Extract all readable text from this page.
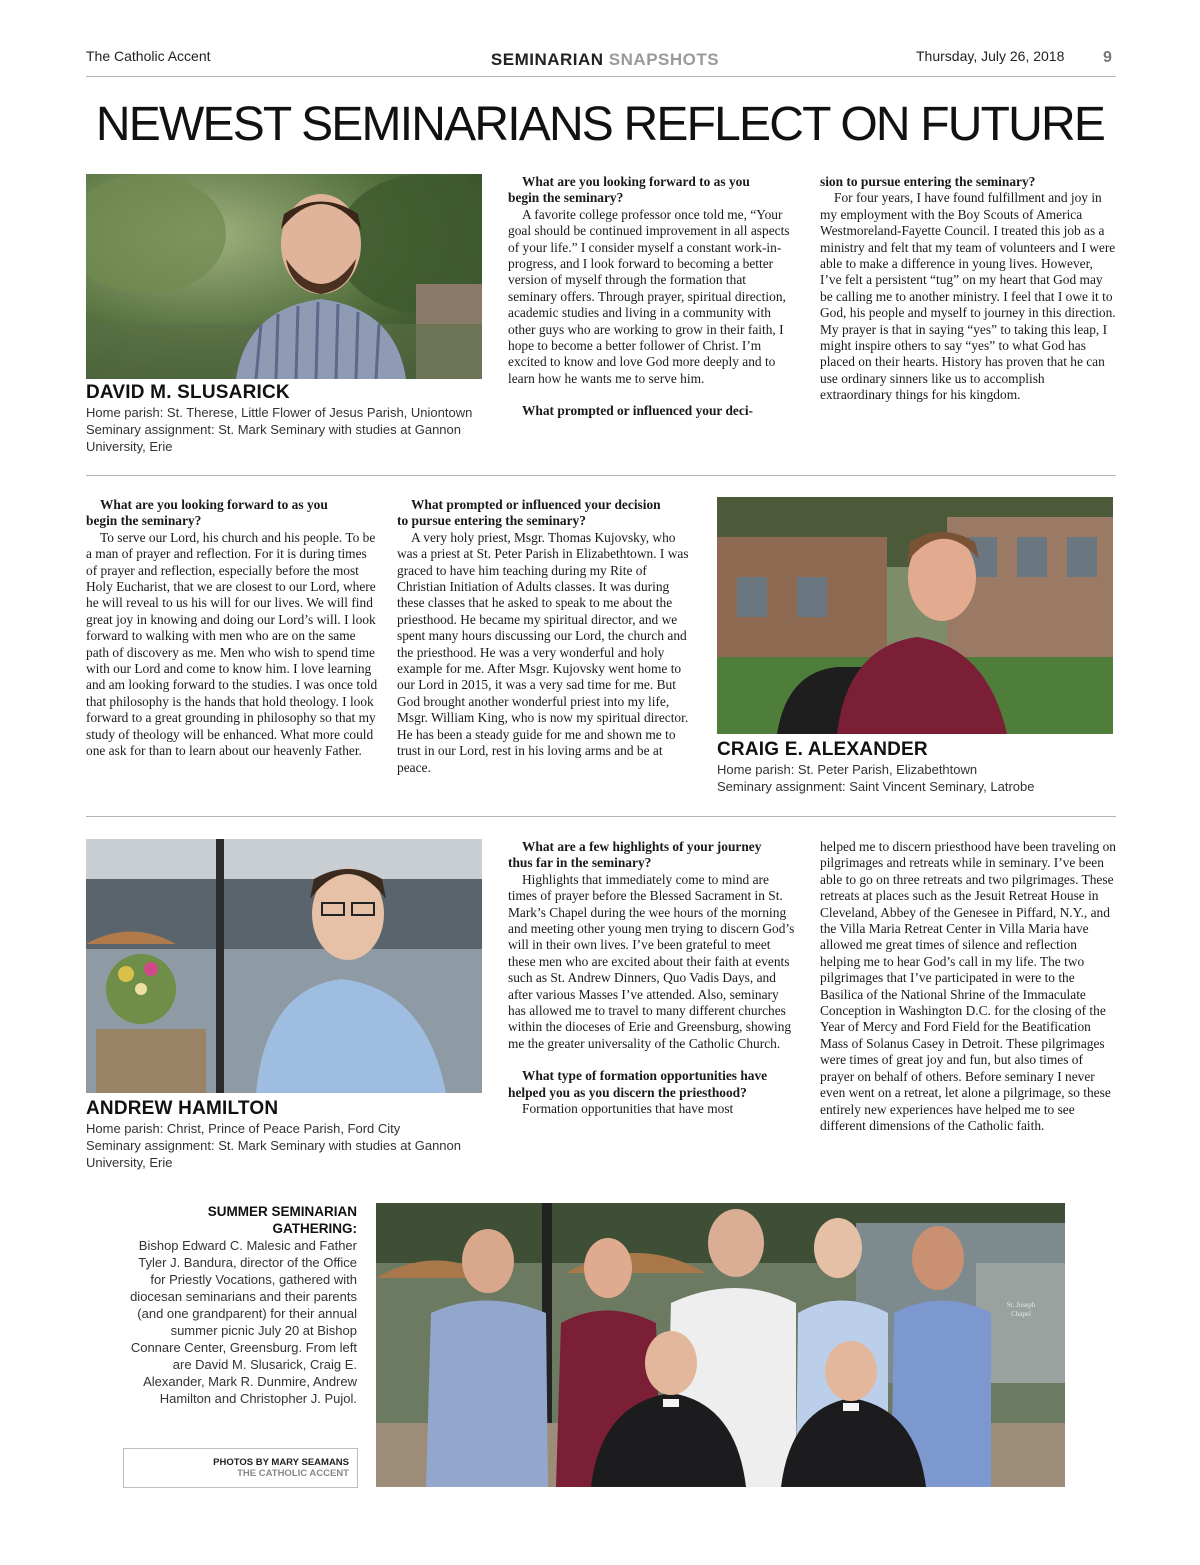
The Catholic Accent	SEMINARIAN SNAPSHOTS	Thursday, July 26, 2018 9
NEWEST SEMINARIANS REFLECT ON FUTURE
DAVID M. SLUSARICK
Home parish: St. Therese, Little Flower of Jesus Parish, Uniontown
Seminary assignment: St. Mark Seminary with studies at Gannon
University, Erie
What are you looking forward to as you
begin the seminary?
A favorite college professor once told me, “Your goal should be continued improvement in all aspects of your life.” I consider myself a constant work-in-progress, and I look forward to becoming a better version of myself through the formation that seminary offers. Through prayer, spiritual direction, academic studies and living in a community with other guys who are working to grow in their faith, I hope to become a better follower of Christ. I’m excited to know and love God more deeply and to learn how he wants me to serve him.
What prompted or influenced your deci-
sion to pursue entering the seminary?
For four years, I have found fulfillment and joy in my employment with the Boy Scouts of America Westmoreland-Fayette Council. I treated this job as a ministry and felt that my team of volunteers and I were able to make a difference in young lives. However, I’ve felt a persistent “tug” on my heart that God may be calling me to another ministry. I feel that I owe it to God, his people and myself to journey in this direction. My prayer is that in saying “yes” to taking this leap, I might inspire others to say “yes” to what God has placed on their hearts. History has proven that he can use ordinary sinners like us to accomplish extraordinary things for his kingdom.
What are you looking forward to as you
begin the seminary?
To serve our Lord, his church and his people. To be a man of prayer and reflection. For it is during times of prayer and reflection, especially before the most Holy Eucharist, that we are closest to our Lord, where he will reveal to us his will for our lives. We will find great joy in knowing and doing our Lord’s will. I look forward to walking with men who are on the same path of discovery as me. Men who wish to spend time with our Lord and come to know him. I love learning and am looking forward to the studies. I was once told that philosophy is the hands that hold theology. I look forward to a great grounding in philosophy so that my study of theology will be enhanced. What more could one ask for than to learn about our heavenly Father.
What prompted or influenced your decision
to pursue entering the seminary?
A very holy priest, Msgr. Thomas Kujovsky, who was a priest at St. Peter Parish in Elizabethtown. I was graced to have him teaching during my Rite of Christian Initiation of Adults classes. It was during these classes that he asked to speak to me about the priesthood. He became my spiritual director, and we spent many hours discussing our Lord, the church and the priesthood. He was a very wonderful and holy example for me. After Msgr. Kujovsky went home to our Lord in 2015, it was a very sad time for me. But God brought another wonderful priest into my life, Msgr. William King, who is now my spiritual director. He has been a steady guide for me and shown me to trust in our Lord, rest in his loving arms and be at peace.
CRAIG E. ALEXANDER
Home parish: St. Peter Parish, Elizabethtown
Seminary assignment: Saint Vincent Seminary, Latrobe
ANDREW HAMILTON
Home parish: Christ, Prince of Peace Parish, Ford City
Seminary assignment: St. Mark Seminary with studies at Gannon
University, Erie
What are a few highlights of your journey
thus far in the seminary?
Highlights that immediately come to mind are times of prayer before the Blessed Sacrament in St. Mark’s Chapel during the wee hours of the morning and meeting other young men trying to discern God’s will in their own lives. I’ve been grateful to meet these men who are excited about their faith at events such as St. Andrew Dinners, Quo Vadis Days, and after various Masses I’ve attended. Also, seminary has allowed me to travel to many different churches within the dioceses of Erie and Greensburg, showing me the greater universality of the Catholic Church.
What type of formation opportunities have
helped you as you discern the priesthood?
Formation opportunities that have most
helped me to discern priesthood have been traveling on pilgrimages and retreats while in seminary. I’ve been able to go on three retreats and two pilgrimages. These retreats at places such as the Jesuit Retreat House in Cleveland, Abbey of the Genesee in Piffard, N.Y., and the Villa Maria Retreat Center in Villa Maria have allowed me great times of silence and reflection helping me to hear God’s call in my life. The two pilgrimages that I’ve participated in were to the Basilica of the National Shrine of the Immaculate Conception in Washington D.C. for the closing of the Year of Mercy and Ford Field for the Beatification Mass of Solanus Casey in Detroit. These pilgrimages were times of great joy and fun, but also times of prayer on behalf of others. Before seminary I never even went on a retreat, let alone a pilgrimage, so these entirely new experiences have helped me to see different dimensions of the Catholic faith.
SUMMER SEMINARIAN
GATHERING:
Bishop Edward C. Malesic and Father Tyler J. Bandura, director of the Office for Priestly Vocations, gathered with diocesan seminarians and their parents (and one grandparent) for their annual summer picnic July 20 at Bishop Connare Center, Greensburg. From left are David M. Slusarick, Craig E. Alexander, Mark R. Dunmire, Andrew Hamilton and Christopher J. Pujol.
PHOTOS BY MARY SEAMANS
THE CATHOLIC ACCENT
St. Joseph
Chapel
